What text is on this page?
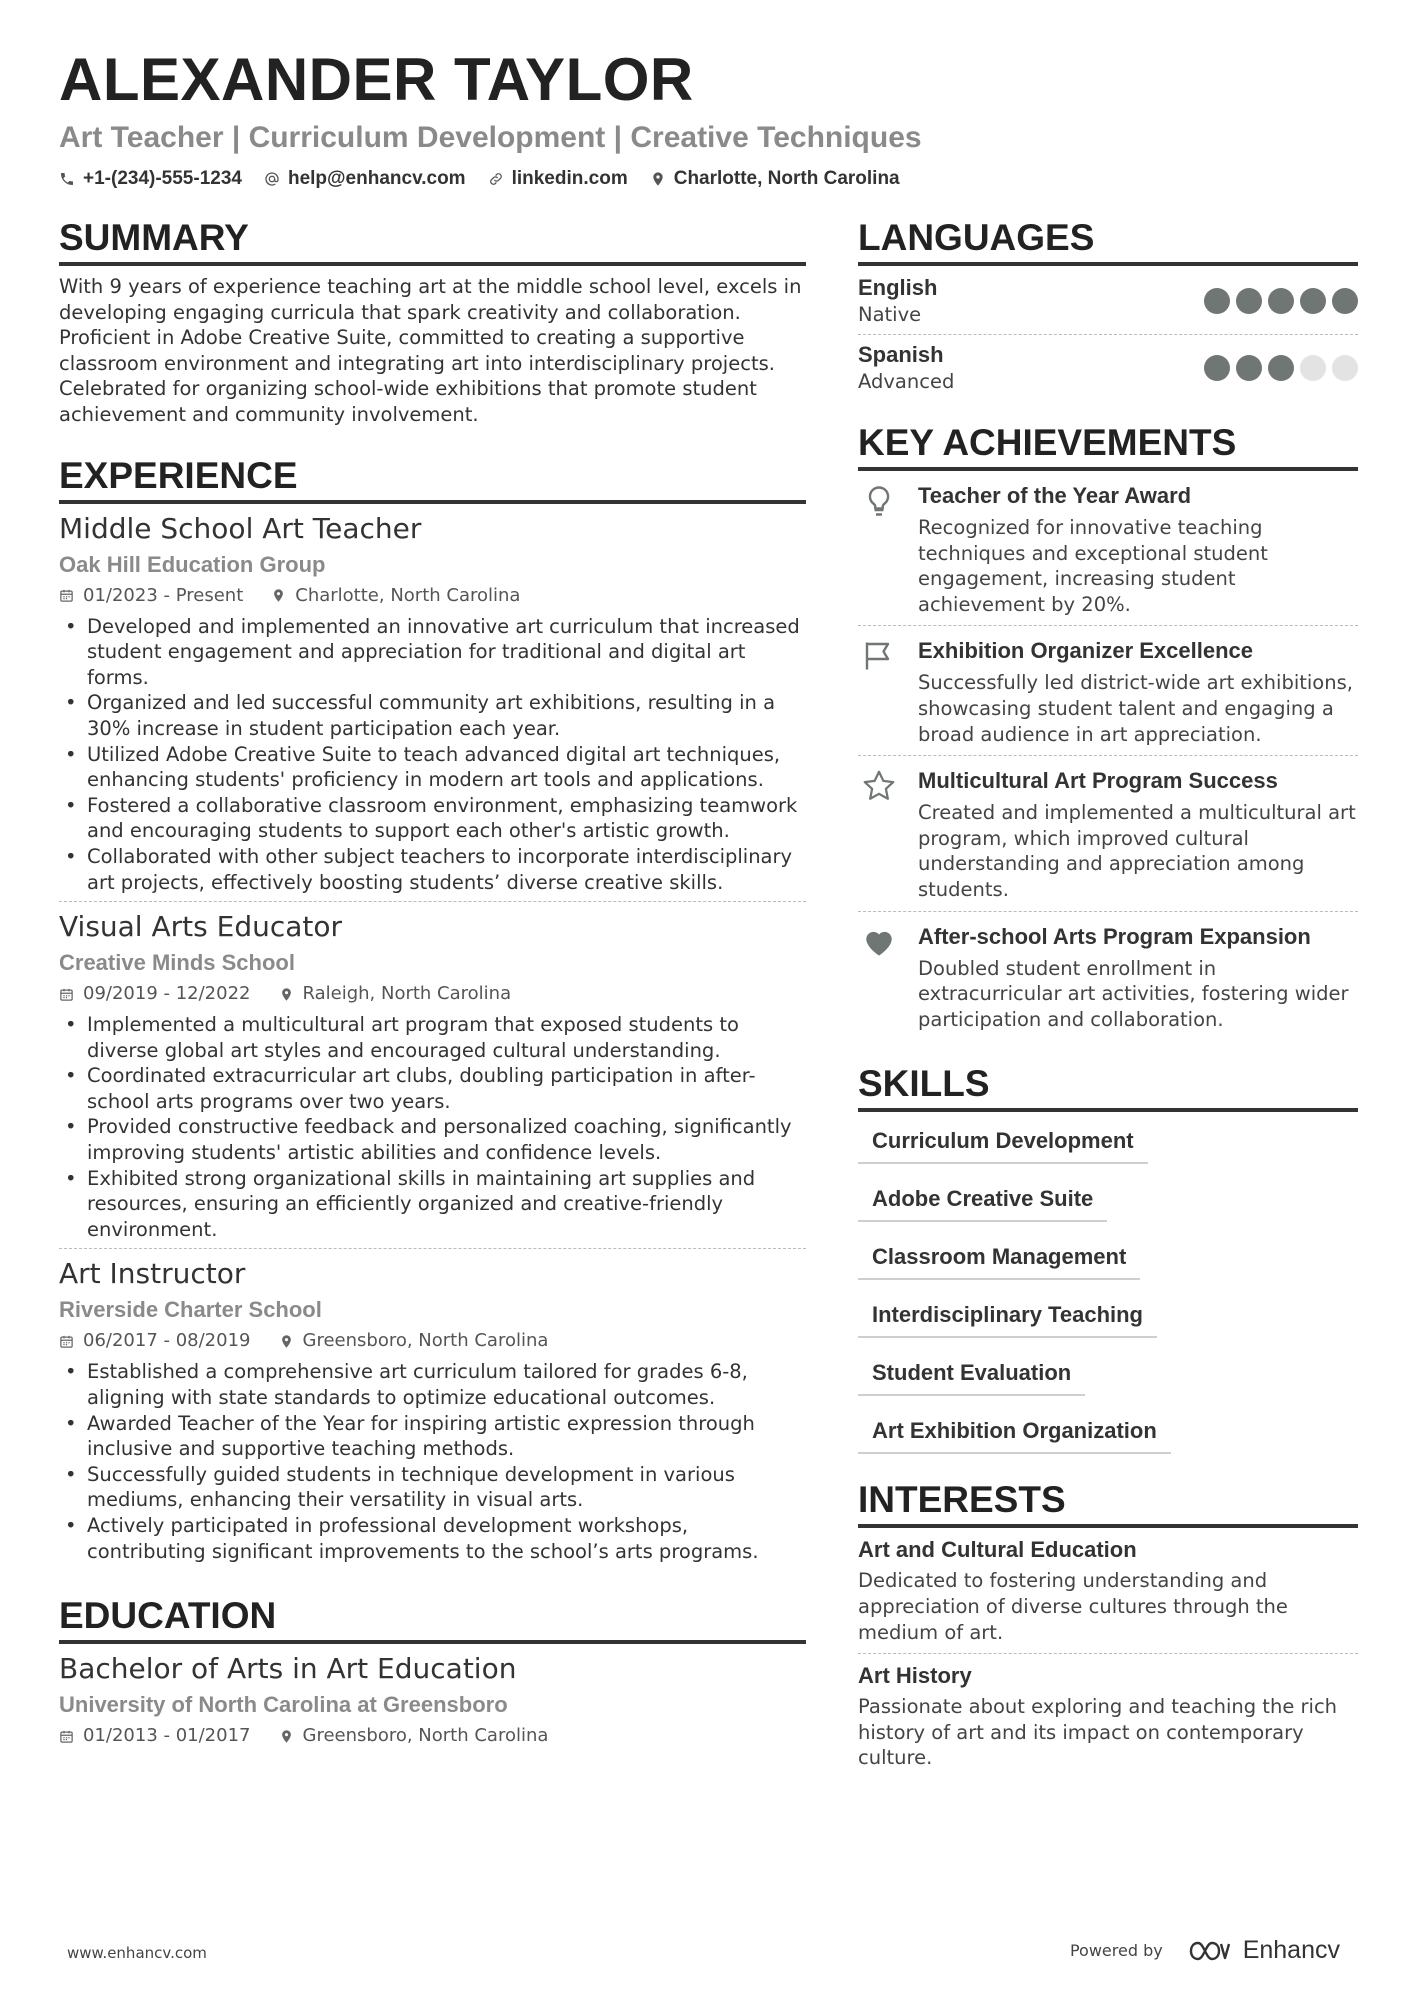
ALEXANDER TAYLOR
Art Teacher | Curriculum Development | Creative Techniques
+1-(234)-555-1234 help@enhancv.com linkedin.com Charlotte, North Carolina
SUMMARY

With 9 years of experience teaching art at the middle school level, excels in developing engaging curricula that spark creativity and collaboration. Proficient in Adobe Creative Suite, committed to creating a supportive classroom environment and integrating art into interdisciplinary projects. Celebrated for organizing school-wide exhibitions that promote student achievement and community involvement.

EXPERIENCE
Middle School Art Teacher
Oak Hill Education Group
01/2023 - Present	Charlotte, North Carolina
• Developed and implemented an innovative art curriculum that increased student engagement and appreciation for traditional and digital art forms.
• Organized and led successful community art exhibitions, resulting in a 30% increase in student participation each year.
• Utilized Adobe Creative Suite to teach advanced digital art techniques, enhancing students' proficiency in modern art tools and applications.
• Fostered a collaborative classroom environment, emphasizing teamwork and encouraging students to support each other's artistic growth.
• Collaborated with other subject teachers to incorporate interdisciplinary art projects, effectively boosting students’ diverse creative skills.
Visual Arts Educator
Creative Minds School
09/2019 - 12/2022	Raleigh, North Carolina
• Implemented a multicultural art program that exposed students to diverse global art styles and encouraged cultural understanding.
• Coordinated extracurricular art clubs, doubling participation in after-school arts programs over two years.
• Provided constructive feedback and personalized coaching, significantly improving students' artistic abilities and confidence levels.
• Exhibited strong organizational skills in maintaining art supplies and resources, ensuring an efficiently organized and creative-friendly environment.
Art Instructor
Riverside Charter School
06/2017 - 08/2019	Greensboro, North Carolina
• Established a comprehensive art curriculum tailored for grades 6-8, aligning with state standards to optimize educational outcomes.
• Awarded Teacher of the Year for inspiring artistic expression through inclusive and supportive teaching methods.
• Successfully guided students in technique development in various mediums, enhancing their versatility in visual arts.
• Actively participated in professional development workshops, contributing significant improvements to the school’s arts programs.
EDUCATION
Bachelor of Arts in Art Education
University of North Carolina at Greensboro
01/2013 - 01/2017	Greensboro, North Carolina
LANGUAGES
English
Native
Spanish
Advanced
KEY ACHIEVEMENTS
Teacher of the Year Award
Recognized for innovative teaching techniques and exceptional student engagement, increasing student achievement by 20%.
Exhibition Organizer Excellence
Successfully led district-wide art exhibitions, showcasing student talent and engaging a broad audience in art appreciation.
Multicultural Art Program Success
Created and implemented a multicultural art program, which improved cultural understanding and appreciation among students.
After-school Arts Program Expansion
Doubled student enrollment in extracurricular art activities, fostering wider participation and collaboration.
SKILLS
Curriculum Development
Adobe Creative Suite
Classroom Management
Interdisciplinary Teaching
Student Evaluation
Art Exhibition Organization
INTERESTS
Art and Cultural Education
Dedicated to fostering understanding and appreciation of diverse cultures through the medium of art.
Art History
Passionate about exploring and teaching the rich history of art and its impact on contemporary culture.
www.enhancv.com	Powered by	Enhancv
